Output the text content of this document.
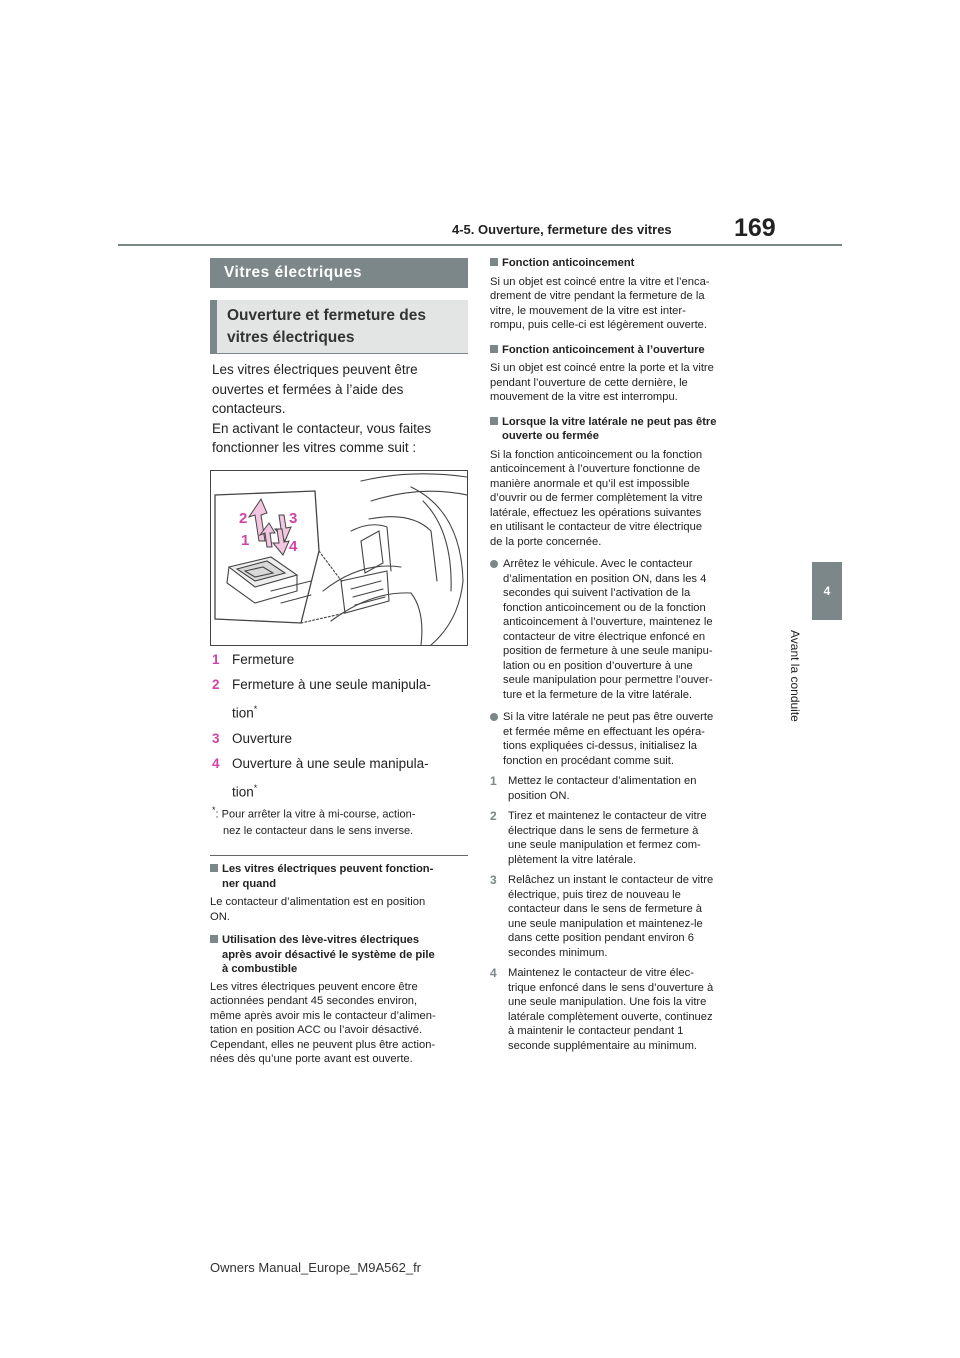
4-5. Ouverture, fermeture des vitres 169
4
Avant la conduite
Vitres électriques
Ouverture et fermeture des
vitres électriques

Les vitres électriques peuvent être
ouvertes et fermées à l’aide des
contacteurs.
En activant le contacteur, vous faites
fonctionner les vitres comme suit :

2
1
3
4
1 Fermeture
2 Fermeture à une seule manipula-
tion*
3 Ouverture
4 Ouverture à une seule manipula-
tion*

*: Pour arrêter la vitre à mi-course, action-
nez le contacteur dans le sens inverse.

Les vitres électriques peuvent fonction-
ner quand
Le contacteur d’alimentation est en position
ON.
Utilisation des lève-vitres électriques
après avoir désactivé le système de pile
à combustible
Les vitres électriques peuvent encore être
actionnées pendant 45 secondes environ,
même après avoir mis le contacteur d’alimen-
tation en position ACC ou l’avoir désactivé.
Cependant, elles ne peuvent plus être action-
nées dès qu’une porte avant est ouverte.
Fonction anticoincement
Si un objet est coincé entre la vitre et l’enca-
drement de vitre pendant la fermeture de la
vitre, le mouvement de la vitre est inter-
rompu, puis celle-ci est légèrement ouverte.
Fonction anticoincement à l’ouverture
Si un objet est coincé entre la porte et la vitre
pendant l’ouverture de cette dernière, le
mouvement de la vitre est interrompu.
Lorsque la vitre latérale ne peut pas être
ouverte ou fermée
Si la fonction anticoincement ou la fonction
anticoincement à l’ouverture fonctionne de
manière anormale et qu’il est impossible
d’ouvrir ou de fermer complètement la vitre
latérale, effectuez les opérations suivantes
en utilisant le contacteur de vitre électrique
de la porte concernée.
Arrêtez le véhicule. Avec le contacteur
d’alimentation en position ON, dans les 4
secondes qui suivent l’activation de la
fonction anticoincement ou de la fonction
anticoincement à l’ouverture, maintenez le
contacteur de vitre électrique enfoncé en
position de fermeture à une seule manipu-
lation ou en position d’ouverture à une
seule manipulation pour permettre l’ouver-
ture et la fermeture de la vitre latérale.
Si la vitre latérale ne peut pas être ouverte
et fermée même en effectuant les opéra-
tions expliquées ci-dessus, initialisez la
fonction en procédant comme suit.
1 Mettez le contacteur d’alimentation en
position ON.
2 Tirez et maintenez le contacteur de vitre
électrique dans le sens de fermeture à
une seule manipulation et fermez com-
plètement la vitre latérale.
3 Relâchez un instant le contacteur de vitre
électrique, puis tirez de nouveau le
contacteur dans le sens de fermeture à
une seule manipulation et maintenez-le
dans cette position pendant environ 6
secondes minimum.
4 Maintenez le contacteur de vitre élec-
trique enfoncé dans le sens d’ouverture à
une seule manipulation. Une fois la vitre
latérale complètement ouverte, continuez
à maintenir le contacteur pendant 1
seconde supplémentaire au minimum.
Owners Manual_Europe_M9A562_fr
